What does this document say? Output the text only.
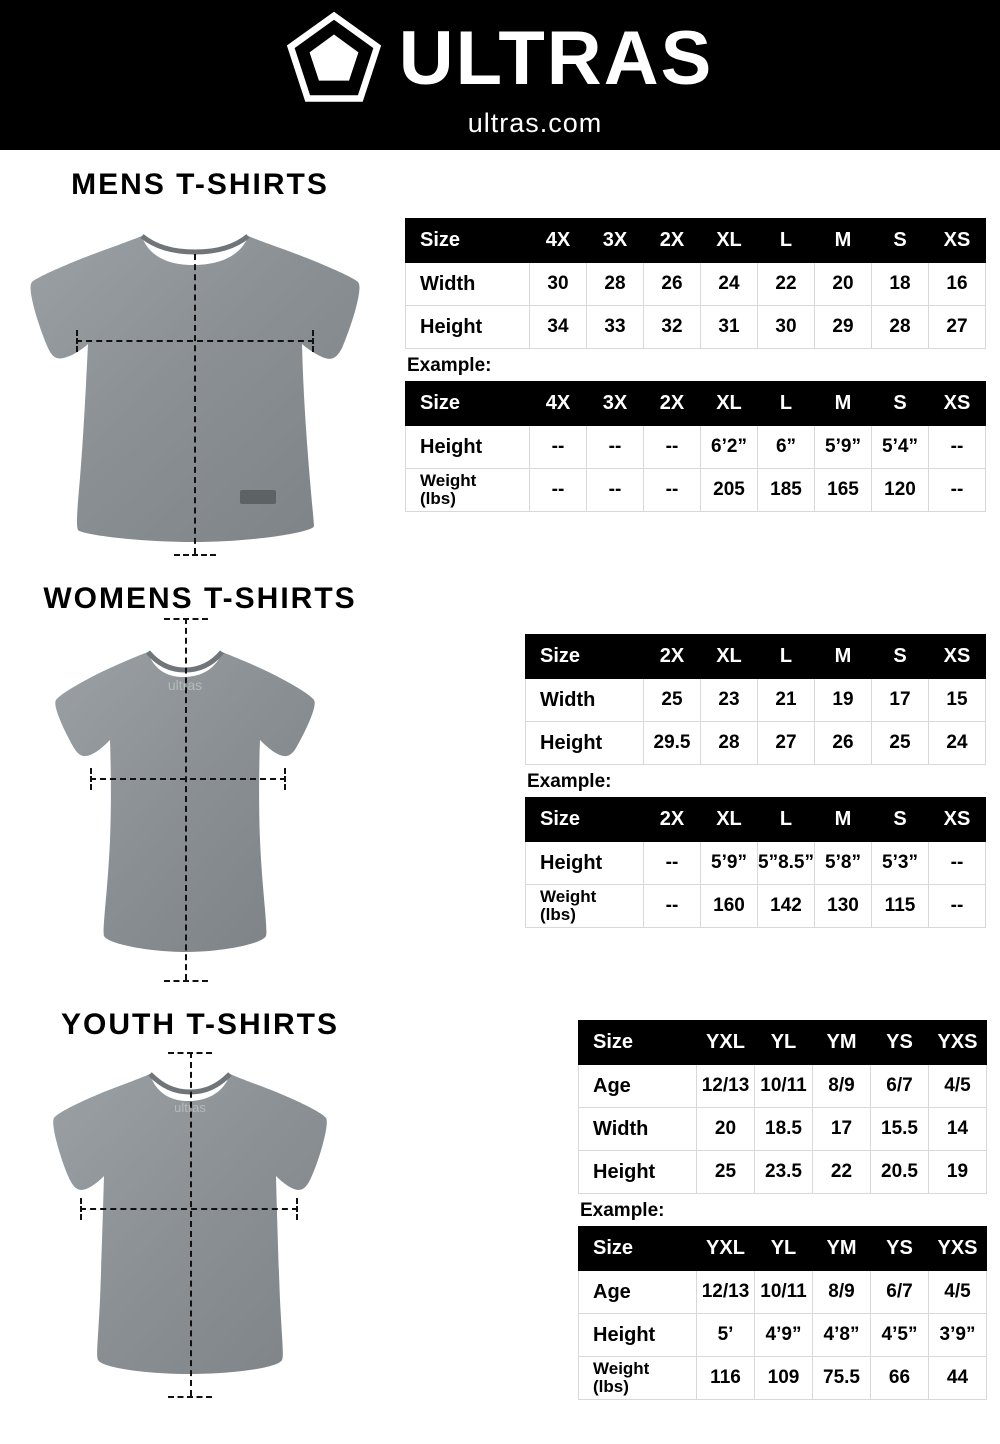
ULTRAS
ultras.com
MENS T-SHIRTS
Size	4X	3X	2X	XL	L	M	S	XS
Width	30	28	26	24	22	20	18	16
Height	34	33	32	31	30	29	28	27
Example:
Size	4X	3X	2X	XL	L	M	S	XS
Height	--	--	--	6’2”	6”	5’9”	5’4”	--

Weight
(lbs)	--	--	--	205	185	165	120	--
WOMENS T-SHIRTS
ultras
Size	2X	XL	L	M	S	XS
Width	25	23	21	19	17	15
Height	29.5	28	27	26	25	24
Example:
Size	2X	XL	L	M	S	XS
Height	--	5’9”	5”8.5”	5’8”	5’3”	--

Weight
(lbs)	--	160	142	130	115	--
YOUTH T-SHIRTS
ultras
Size	YXL	YL	YM	YS	YXS
Age	12/13	10/11	8/9	6/7	4/5
Width	20	18.5	17	15.5	14
Height	25	23.5	22	20.5	19
Example:
Size	YXL	YL	YM	YS	YXS
Age	12/13	10/11	8/9	6/7	4/5
Height	5’	4’9”	4’8”	4’5”	3’9”

Weight
(lbs)	116	109	75.5	66	44
